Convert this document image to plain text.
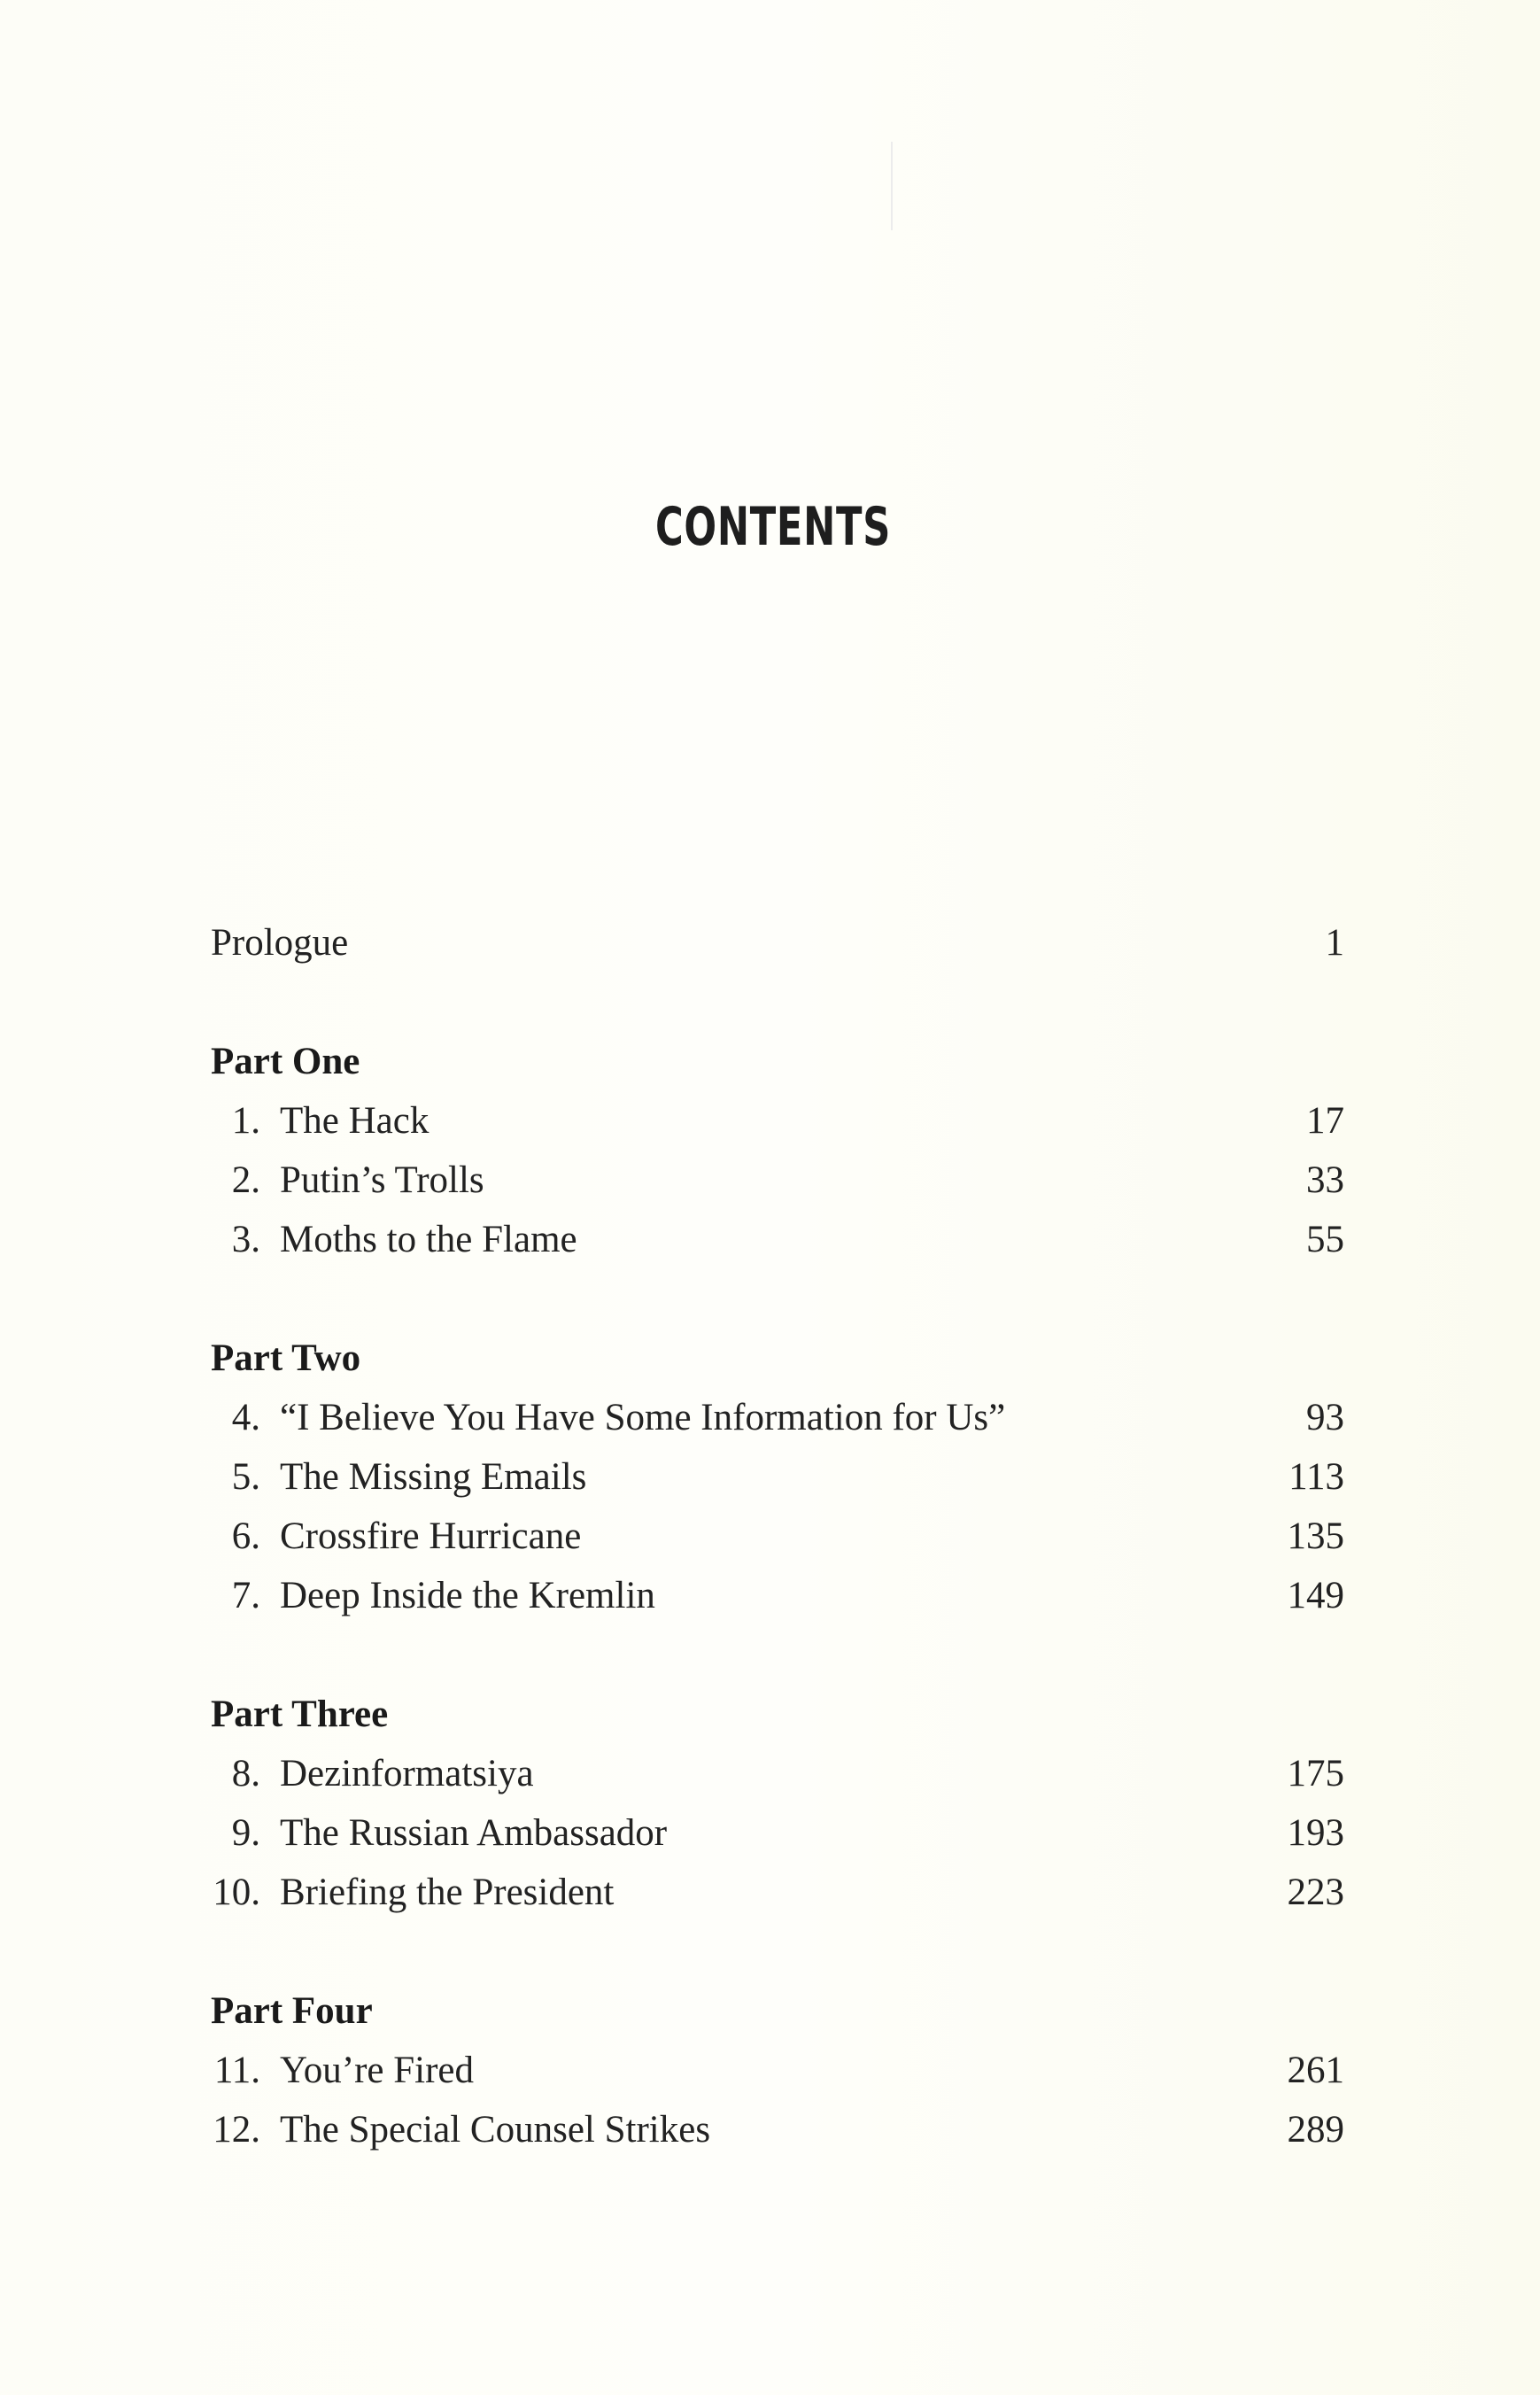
CONTENTS
Prologue	1
Part One
1. The Hack	17
2. Putin’s Trolls	33
3. Moths to the Flame	55
Part Two
4. “I Believe You Have Some Information for Us”	93
5. The Missing Emails	113
6. Crossfire Hurricane	135
7. Deep Inside the Kremlin	149
Part Three
8. Dezinformatsiya	175
9. The Russian Ambassador	193
10. Briefing the President	223
Part Four
11. You’re Fired	261
12. The Special Counsel Strikes	289
